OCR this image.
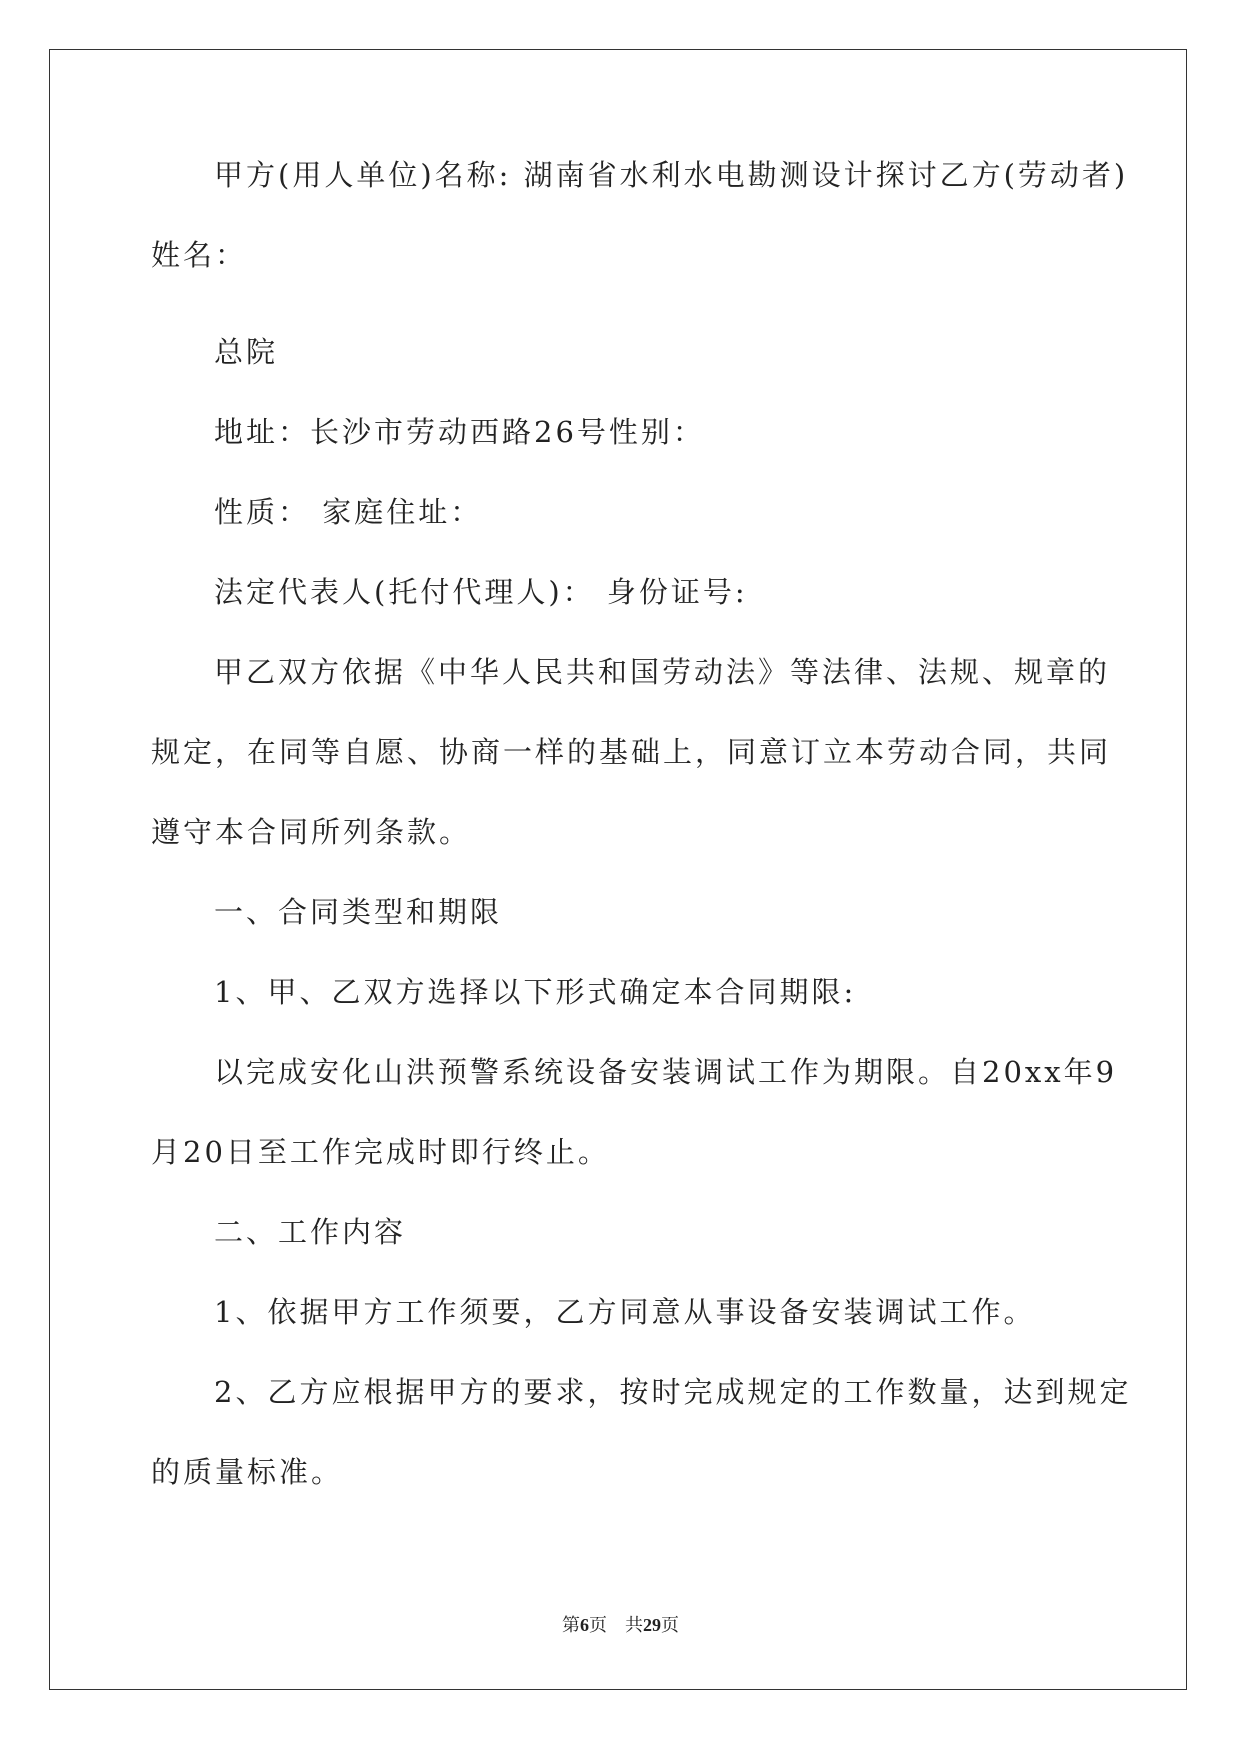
甲方(用人单位)名称: 湖南省水利水电勘测设计探讨乙方(劳动者)
姓名：
总院
地址：长沙市劳动西路26号性别：
性质： 家庭住址：
法定代表人(托付代理人)： 身份证号:
甲乙双方依据《中华人民共和国劳动法》等法律、法规、规章的
规定，在同等自愿、协商一样的基础上，同意订立本劳动合同，共同
遵守本合同所列条款。
一、合同类型和期限
1、甲、乙双方选择以下形式确定本合同期限:
以完成安化山洪预警系统设备安装调试工作为期限。自20xx年9
月20日至工作完成时即行终止。
二、工作内容
1、依据甲方工作须要，乙方同意从事设备安装调试工作。
2、乙方应根据甲方的要求，按时完成规定的工作数量，达到规定
的质量标准。
第6页 共29页
